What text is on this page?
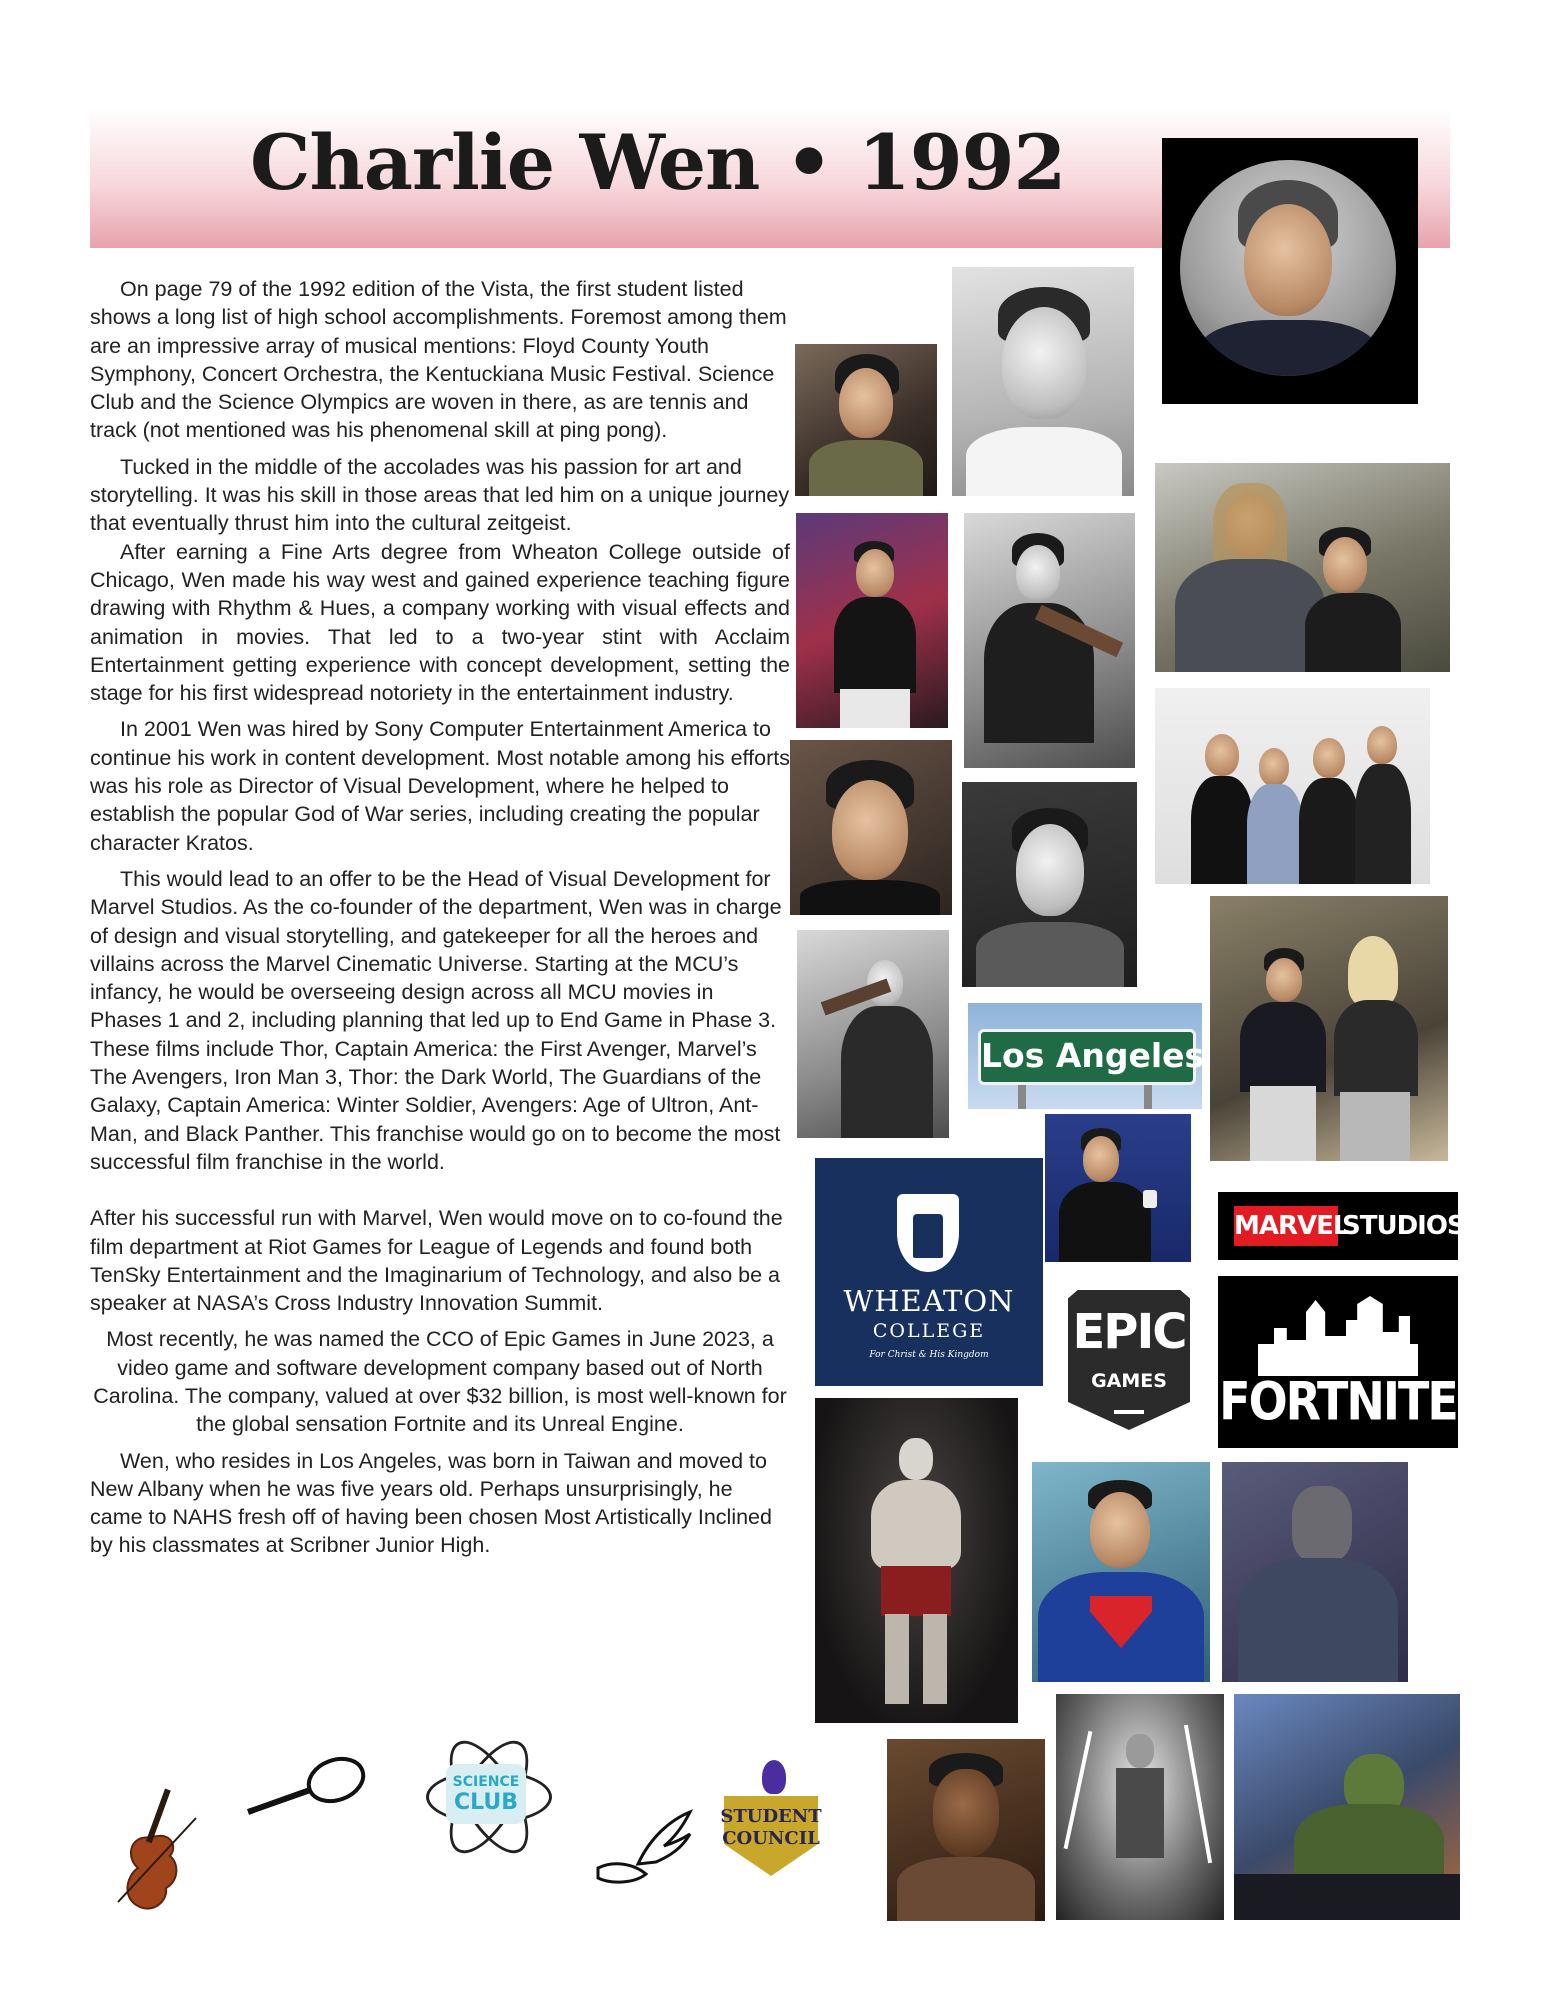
Charlie Wen • 1992

On page 79 of the 1992 edition of the Vista, the first student listed shows a long list of high school accomplishments. Foremost among them are an impressive array of musical mentions: Floyd County Youth Symphony, Concert Orchestra, the Kentuckiana Music Festival. Science Club and the Science Olympics are woven in there, as are tennis and track (not mentioned was his phenomenal skill at ping pong).

Tucked in the middle of the accolades was his passion for art and storytelling. It was his skill in those areas that led him on a unique journey that eventually thrust him into the cultural zeitgeist.

After earning a Fine Arts degree from Wheaton College outside of Chicago, Wen made his way west and gained experience teaching figure drawing with Rhythm & Hues, a company working with visual effects and animation in movies. That led to a two-year stint with Acclaim Entertainment getting experience with concept development, setting the stage for his first widespread notoriety in the entertainment industry.

In 2001 Wen was hired by Sony Computer Entertainment America to continue his work in content development. Most notable among his efforts was his role as Director of Visual Development, where he helped to establish the popular God of War series, including creating the popular character Kratos.

This would lead to an offer to be the Head of Visual Development for Marvel Studios. As the co-founder of the department, Wen was in charge of design and visual storytelling, and gatekeeper for all the heroes and villains across the Marvel Cinematic Universe. Starting at the MCU’s infancy, he would be overseeing design across all MCU movies in Phases 1 and 2, including planning that led up to End Game in Phase 3. These films include Thor, Captain America: the First Avenger, Marvel’s The Avengers, Iron Man 3, Thor: the Dark World, The Guardians of the Galaxy, Captain America: Winter Soldier, Avengers: Age of Ultron, Ant-Man, and Black Panther. This franchise would go on to become the most successful film franchise in the world.

After his successful run with Marvel, Wen would move on to co-found the film department at Riot Games for League of Legends and found both TenSky Entertainment and the Imaginarium of Technology, and also be a speaker at NASA’s Cross Industry Innovation Summit.

Most recently, he was named the CCO of Epic Games in June 2023, a video game and software development company based out of North Carolina. The company, valued at over $32 billion, is most well-known for the global sensation Fortnite and its Unreal Engine.

Wen, who resides in Los Angeles, was born in Taiwan and moved to New Albany when he was five years old. Perhaps unsurprisingly, he came to NAHS fresh off of having been chosen Most Artistically Inclined by his classmates at Scribner Junior High.

Los Angeles
WHEATON
COLLEGE
For Christ & His Kingdom
MARVEL
STUDIOS
EPIC
GAMES	FORTNITE
SCIENCE
CLUB
STUDENT
COUNCIL
